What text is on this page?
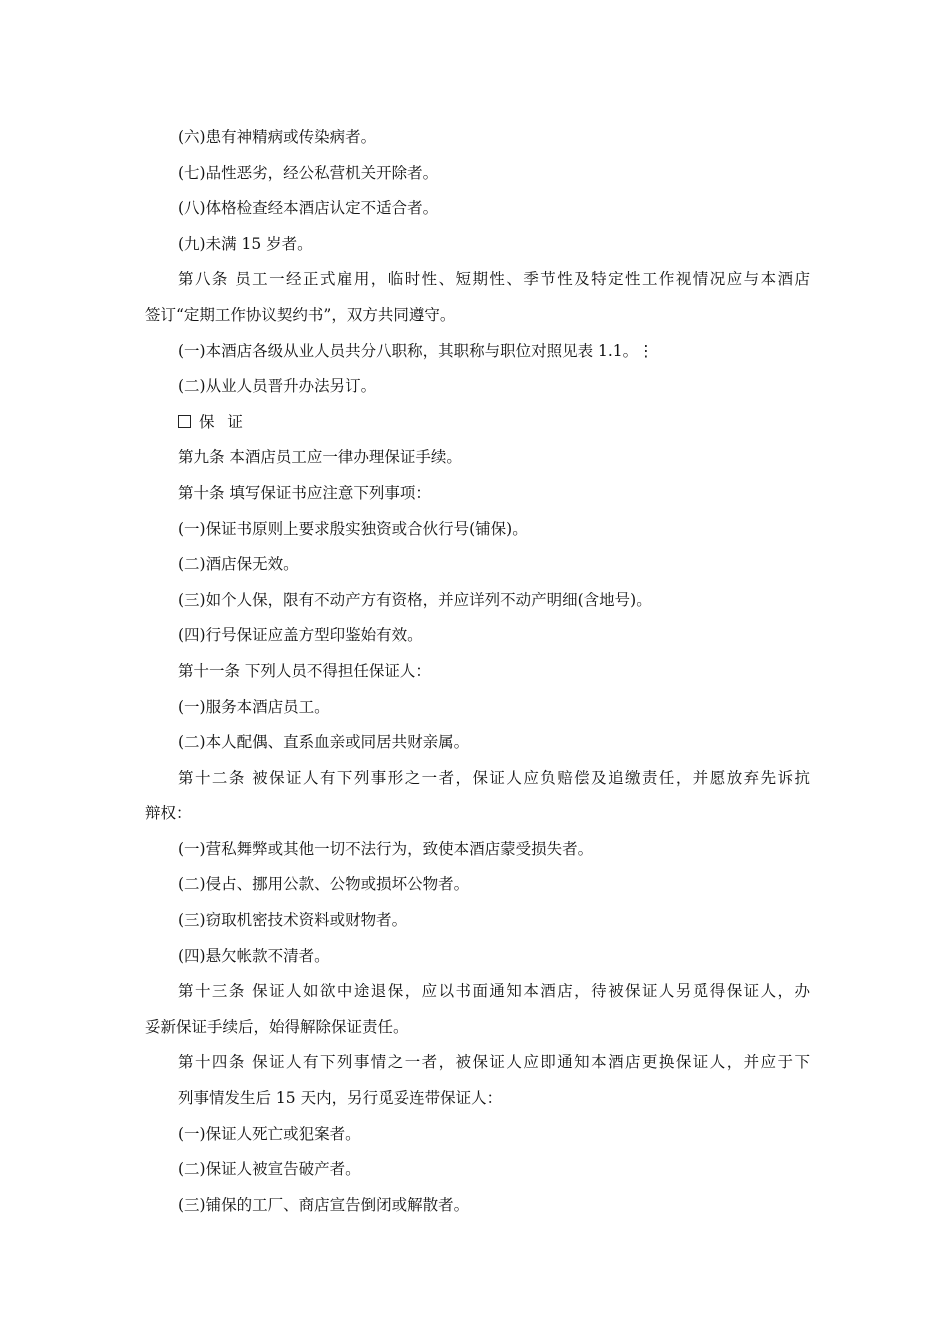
(六)患有神精病或传染病者。
(七)品性恶劣，经公私营机关开除者。
(八)体格检查经本酒店认定不适合者。
(九)未满 15 岁者。
第八条 员工一经正式雇用，临时性、短期性、季节性及特定性工作视情况应与本酒店
签订“定期工作协议契约书”，双方共同遵守。
(一)本酒店各级从业人员共分八职称，其职称与职位对照见表 1.1。⋮
(二)从业人员晋升办法另订。
保 证
第九条 本酒店员工应一律办理保证手续。
第十条 填写保证书应注意下列事项：
(一)保证书原则上要求殷实独资或合伙行号(铺保)。
(二)酒店保无效。
(三)如个人保，限有不动产方有资格，并应详列不动产明细(含地号)。
(四)行号保证应盖方型印鉴始有效。
第十一条 下列人员不得担任保证人：
(一)服务本酒店员工。
(二)本人配偶、直系血亲或同居共财亲属。
第十二条 被保证人有下列事形之一者，保证人应负赔偿及追缴责任，并愿放弃先诉抗
辩权：
(一)营私舞弊或其他一切不法行为，致使本酒店蒙受损失者。
(二)侵占、挪用公款、公物或损坏公物者。
(三)窃取机密技术资料或财物者。
(四)悬欠帐款不清者。
第十三条 保证人如欲中途退保，应以书面通知本酒店，待被保证人另觅得保证人，办
妥新保证手续后，始得解除保证责任。
第十四条 保证人有下列事情之一者，被保证人应即通知本酒店更换保证人，并应于下
列事情发生后 15 天内，另行觅妥连带保证人：
(一)保证人死亡或犯案者。
(二)保证人被宣告破产者。
(三)铺保的工厂、商店宣告倒闭或解散者。
